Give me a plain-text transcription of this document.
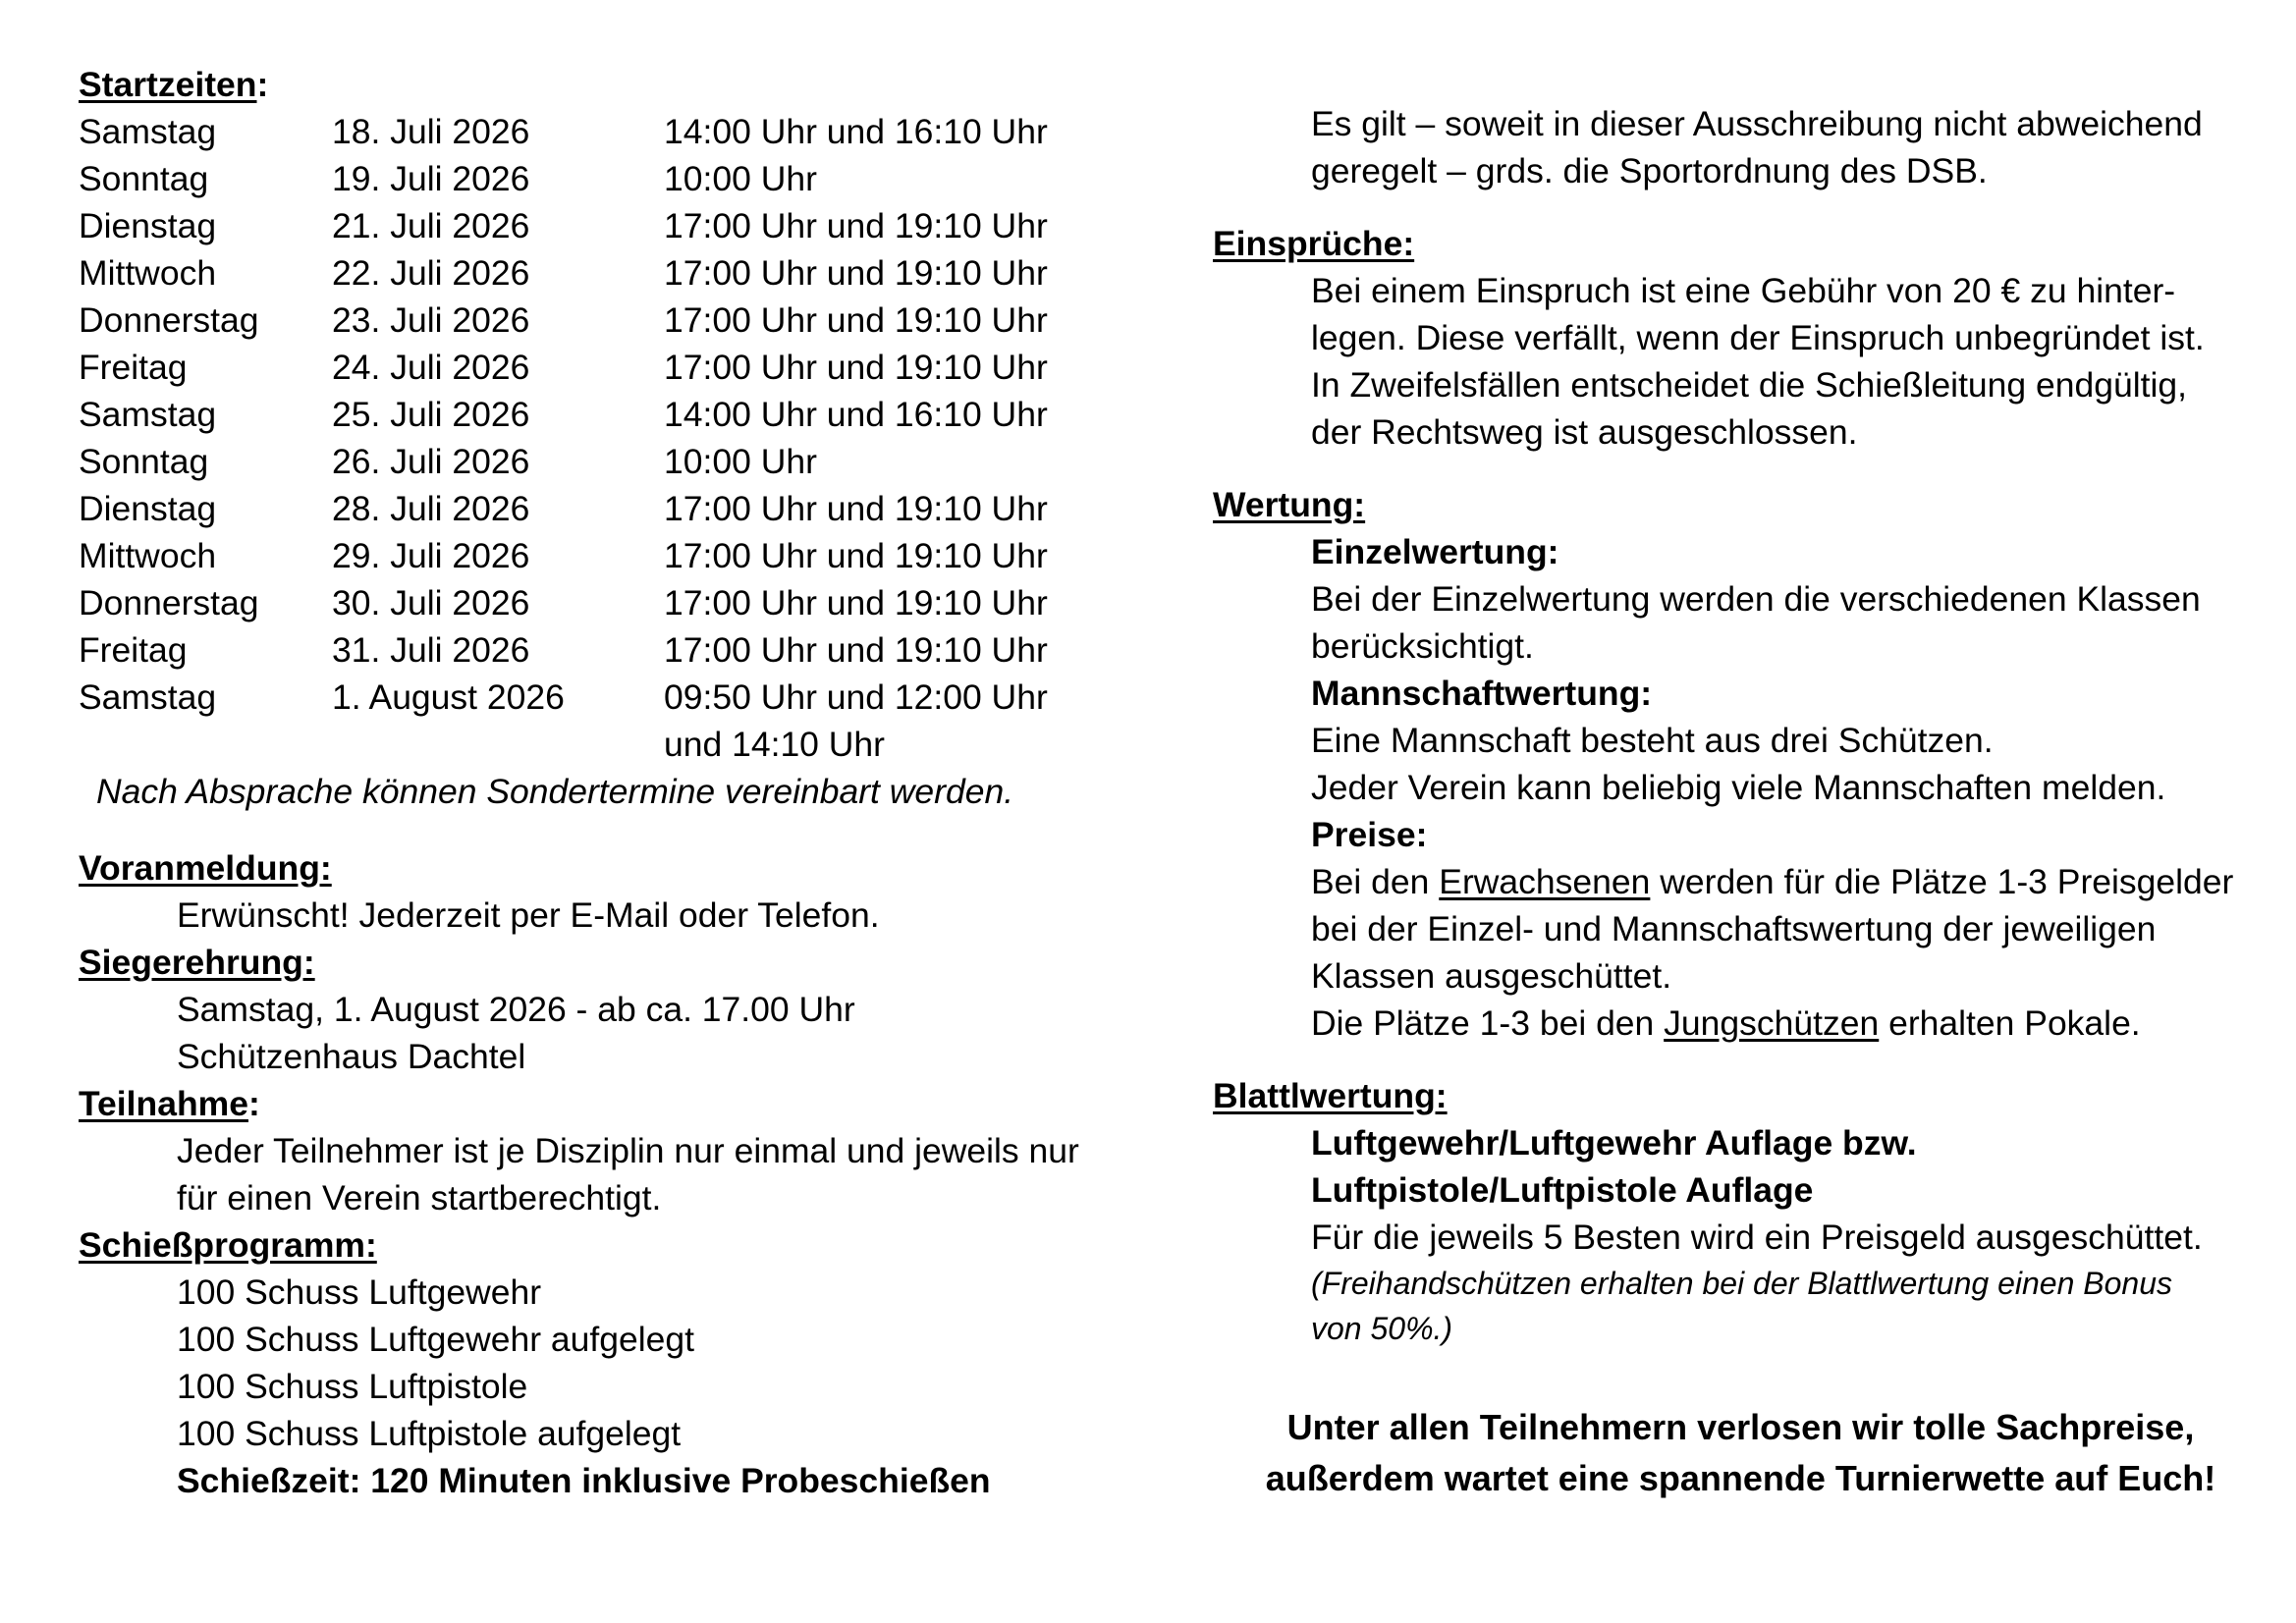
Startzeiten:
Samstag	18. Juli 2026	14:00 Uhr und 16:10 Uhr
Sonntag	19. Juli 2026	10:00 Uhr
Dienstag	21. Juli 2026	17:00 Uhr und 19:10 Uhr
Mittwoch	22. Juli 2026	17:00 Uhr und 19:10 Uhr
Donnerstag	23. Juli 2026	17:00 Uhr und 19:10 Uhr
Freitag	24. Juli 2026	17:00 Uhr und 19:10 Uhr
Samstag	25. Juli 2026	14:00 Uhr und 16:10 Uhr
Sonntag	26. Juli 2026	10:00 Uhr
Dienstag	28. Juli 2026	17:00 Uhr und 19:10 Uhr
Mittwoch	29. Juli 2026	17:00 Uhr und 19:10 Uhr
Donnerstag	30. Juli 2026	17:00 Uhr und 19:10 Uhr
Freitag	31. Juli 2026	17:00 Uhr und 19:10 Uhr
Samstag	1. August 2026	09:50 Uhr und 12:00 Uhr
und 14:10 Uhr
Nach Absprache können Sondertermine vereinbart werden.
Voranmeldung:
Erwünscht! Jederzeit per E-Mail oder Telefon.
Siegerehrung:
Samstag, 1. August 2026 - ab ca. 17.00 Uhr
Schützenhaus Dachtel
Teilnahme:
Jeder Teilnehmer ist je Disziplin nur einmal und jeweils nur
für einen Verein startberechtigt.
Schießprogramm:
100 Schuss Luftgewehr
100 Schuss Luftgewehr aufgelegt
100 Schuss Luftpistole
100 Schuss Luftpistole aufgelegt
Schießzeit: 120 Minuten inklusive Probeschießen
Es gilt – soweit in dieser Ausschreibung nicht abweichend
geregelt – grds. die Sportordnung des DSB.
Einsprüche:
Bei einem Einspruch ist eine Gebühr von 20 € zu hinter-
legen. Diese verfällt, wenn der Einspruch unbegründet ist.
In Zweifelsfällen entscheidet die Schießleitung endgültig,
der Rechtsweg ist ausgeschlossen.
Wertung:
Einzelwertung:
Bei der Einzelwertung werden die verschiedenen Klassen
berücksichtigt.
Mannschaftwertung:
Eine Mannschaft besteht aus drei Schützen.
Jeder Verein kann beliebig viele Mannschaften melden.
Preise:
Bei den Erwachsenen werden für die Plätze 1-3 Preisgelder
bei der Einzel- und Mannschaftswertung der jeweiligen
Klassen ausgeschüttet.
Die Plätze 1-3 bei den Jungschützen erhalten Pokale.
Blattlwertung:
Luftgewehr/Luftgewehr Auflage bzw.
Luftpistole/Luftpistole Auflage
Für die jeweils 5 Besten wird ein Preisgeld ausgeschüttet.
(Freihandschützen erhalten bei der Blattlwertung einen Bonus
von 50%.)
Unter allen Teilnehmern verlosen wir tolle Sachpreise,
außerdem wartet eine spannende Turnierwette auf Euch!
